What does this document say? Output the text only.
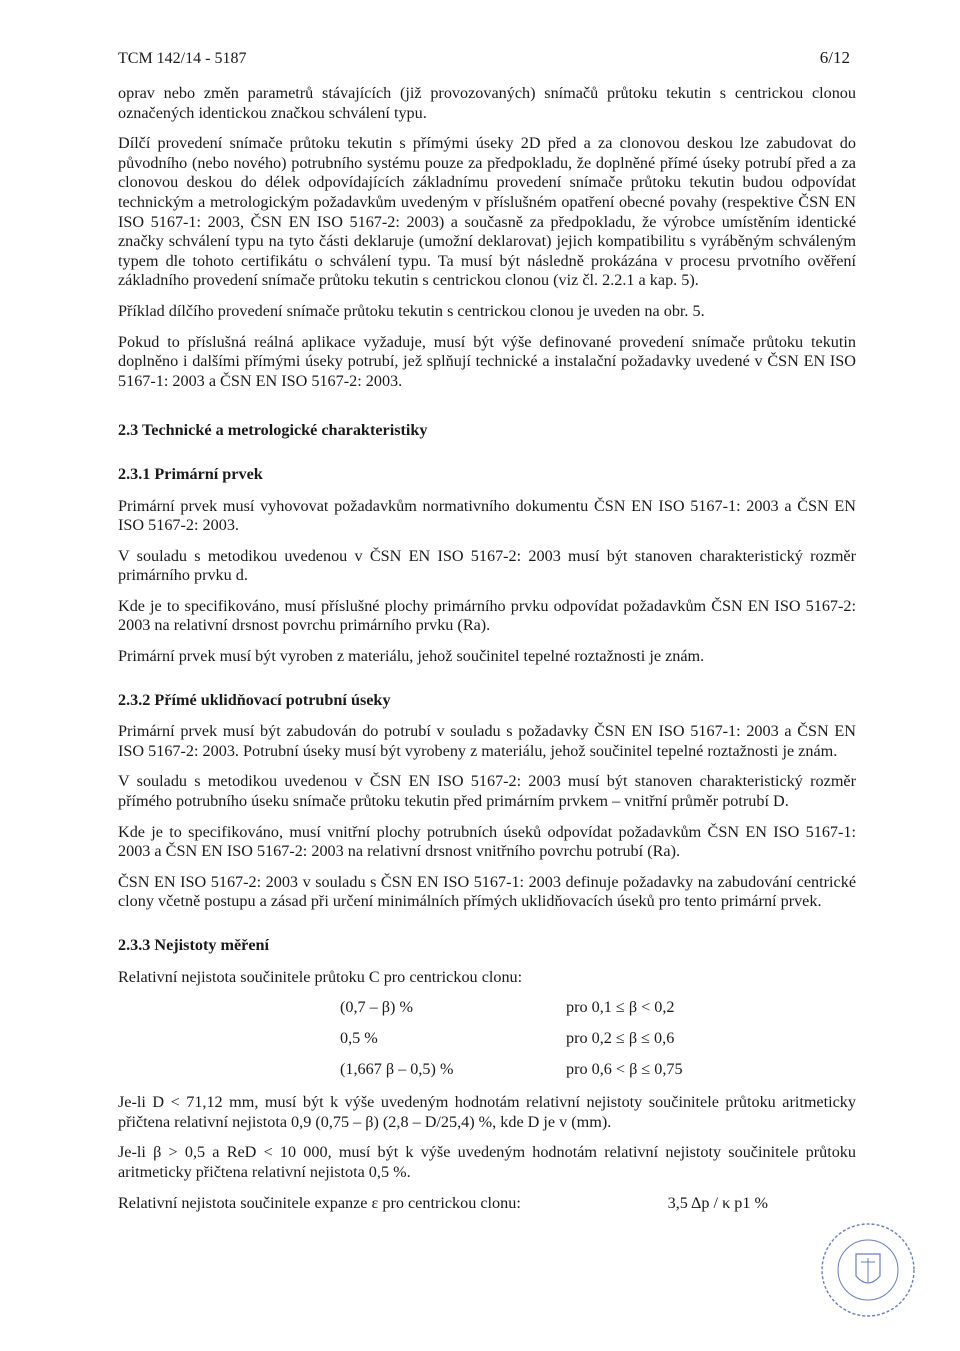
TCM 142/14 - 5187	6/12

oprav nebo změn parametrů stávajících (již provozovaných) snímačů průtoku tekutin s centrickou clonou označených identickou značkou schválení typu.

Dílčí provedení snímače průtoku tekutin s přímými úseky 2D před a za clonovou deskou lze zabudovat do původního (nebo nového) potrubního systému pouze za předpokladu, že doplněné přímé úseky potrubí před a za clonovou deskou do délek odpovídajících základnímu provedení snímače průtoku tekutin budou odpovídat technickým a metrologickým požadavkům uvedeným v příslušném opatření obecné povahy (respektive ČSN EN ISO 5167-1: 2003, ČSN EN ISO 5167-2: 2003) a současně za předpokladu, že výrobce umístěním identické značky schválení typu na tyto části deklaruje (umožní deklarovat) jejich kompatibilitu s vyráběným schváleným typem dle tohoto certifikátu o schválení typu. Ta musí být následně prokázána v procesu prvotního ověření základního provedení snímače průtoku tekutin s centrickou clonou (viz čl. 2.2.1 a kap. 5).

Příklad dílčího provedení snímače průtoku tekutin s centrickou clonou je uveden na obr. 5.

Pokud to příslušná reálná aplikace vyžaduje, musí být výše definované provedení snímače průtoku tekutin doplněno i dalšími přímými úseky potrubí, jež splňují technické a instalační požadavky uvedené v ČSN EN ISO 5167-1: 2003 a ČSN EN ISO 5167-2: 2003.

2.3 Technické a metrologické charakteristiky
2.3.1 Primární prvek

Primární prvek musí vyhovovat požadavkům normativního dokumentu ČSN EN ISO 5167-1: 2003 a ČSN EN ISO 5167-2: 2003.

V souladu s metodikou uvedenou v ČSN EN ISO 5167-2: 2003 musí být stanoven charakteristický rozměr primárního prvku d.

Kde je to specifikováno, musí příslušné plochy primárního prvku odpovídat požadavkům ČSN EN ISO 5167-2: 2003 na relativní drsnost povrchu primárního prvku (Ra).

Primární prvek musí být vyroben z materiálu, jehož součinitel tepelné roztažnosti je znám.

2.3.2 Přímé uklidňovací potrubní úseky

Primární prvek musí být zabudován do potrubí v souladu s požadavky ČSN EN ISO 5167-1: 2003 a ČSN EN ISO 5167-2: 2003. Potrubní úseky musí být vyrobeny z materiálu, jehož součinitel tepelné roztažnosti je znám.

V souladu s metodikou uvedenou v ČSN EN ISO 5167-2: 2003 musí být stanoven charakteristický rozměr přímého potrubního úseku snímače průtoku tekutin před primárním prvkem – vnitřní průměr potrubí D.

Kde je to specifikováno, musí vnitřní plochy potrubních úseků odpovídat požadavkům ČSN EN ISO 5167-1: 2003 a ČSN EN ISO 5167-2: 2003 na relativní drsnost vnitřního povrchu potrubí (Ra).

ČSN EN ISO 5167-2: 2003 v souladu s ČSN EN ISO 5167-1: 2003 definuje požadavky na zabudování centrické clony včetně postupu a zásad při určení minimálních přímých uklidňovacích úseků pro tento primární prvek.

2.3.3 Nejistoty měření

Relativní nejistota součinitele průtoku C pro centrickou clonu:

(0,7 – β) %	pro 0,1 ≤ β < 0,2
0,5 %	pro 0,2 ≤ β ≤ 0,6
(1,667 β – 0,5) %	pro 0,6 < β ≤ 0,75

Je-li D < 71,12 mm, musí být k výše uvedeným hodnotám relativní nejistoty součinitele průtoku aritmeticky přičtena relativní nejistota 0,9 (0,75 – β) (2,8 – D/25,4) %, kde D je v (mm).

Je-li β > 0,5 a ReD < 10 000, musí být k výše uvedeným hodnotám relativní nejistoty součinitele průtoku aritmeticky přičtena relativní nejistota 0,5 %.

Relativní nejistota součinitele expanze ε pro centrickou clonu:	3,5 Δp / κ p1 %
